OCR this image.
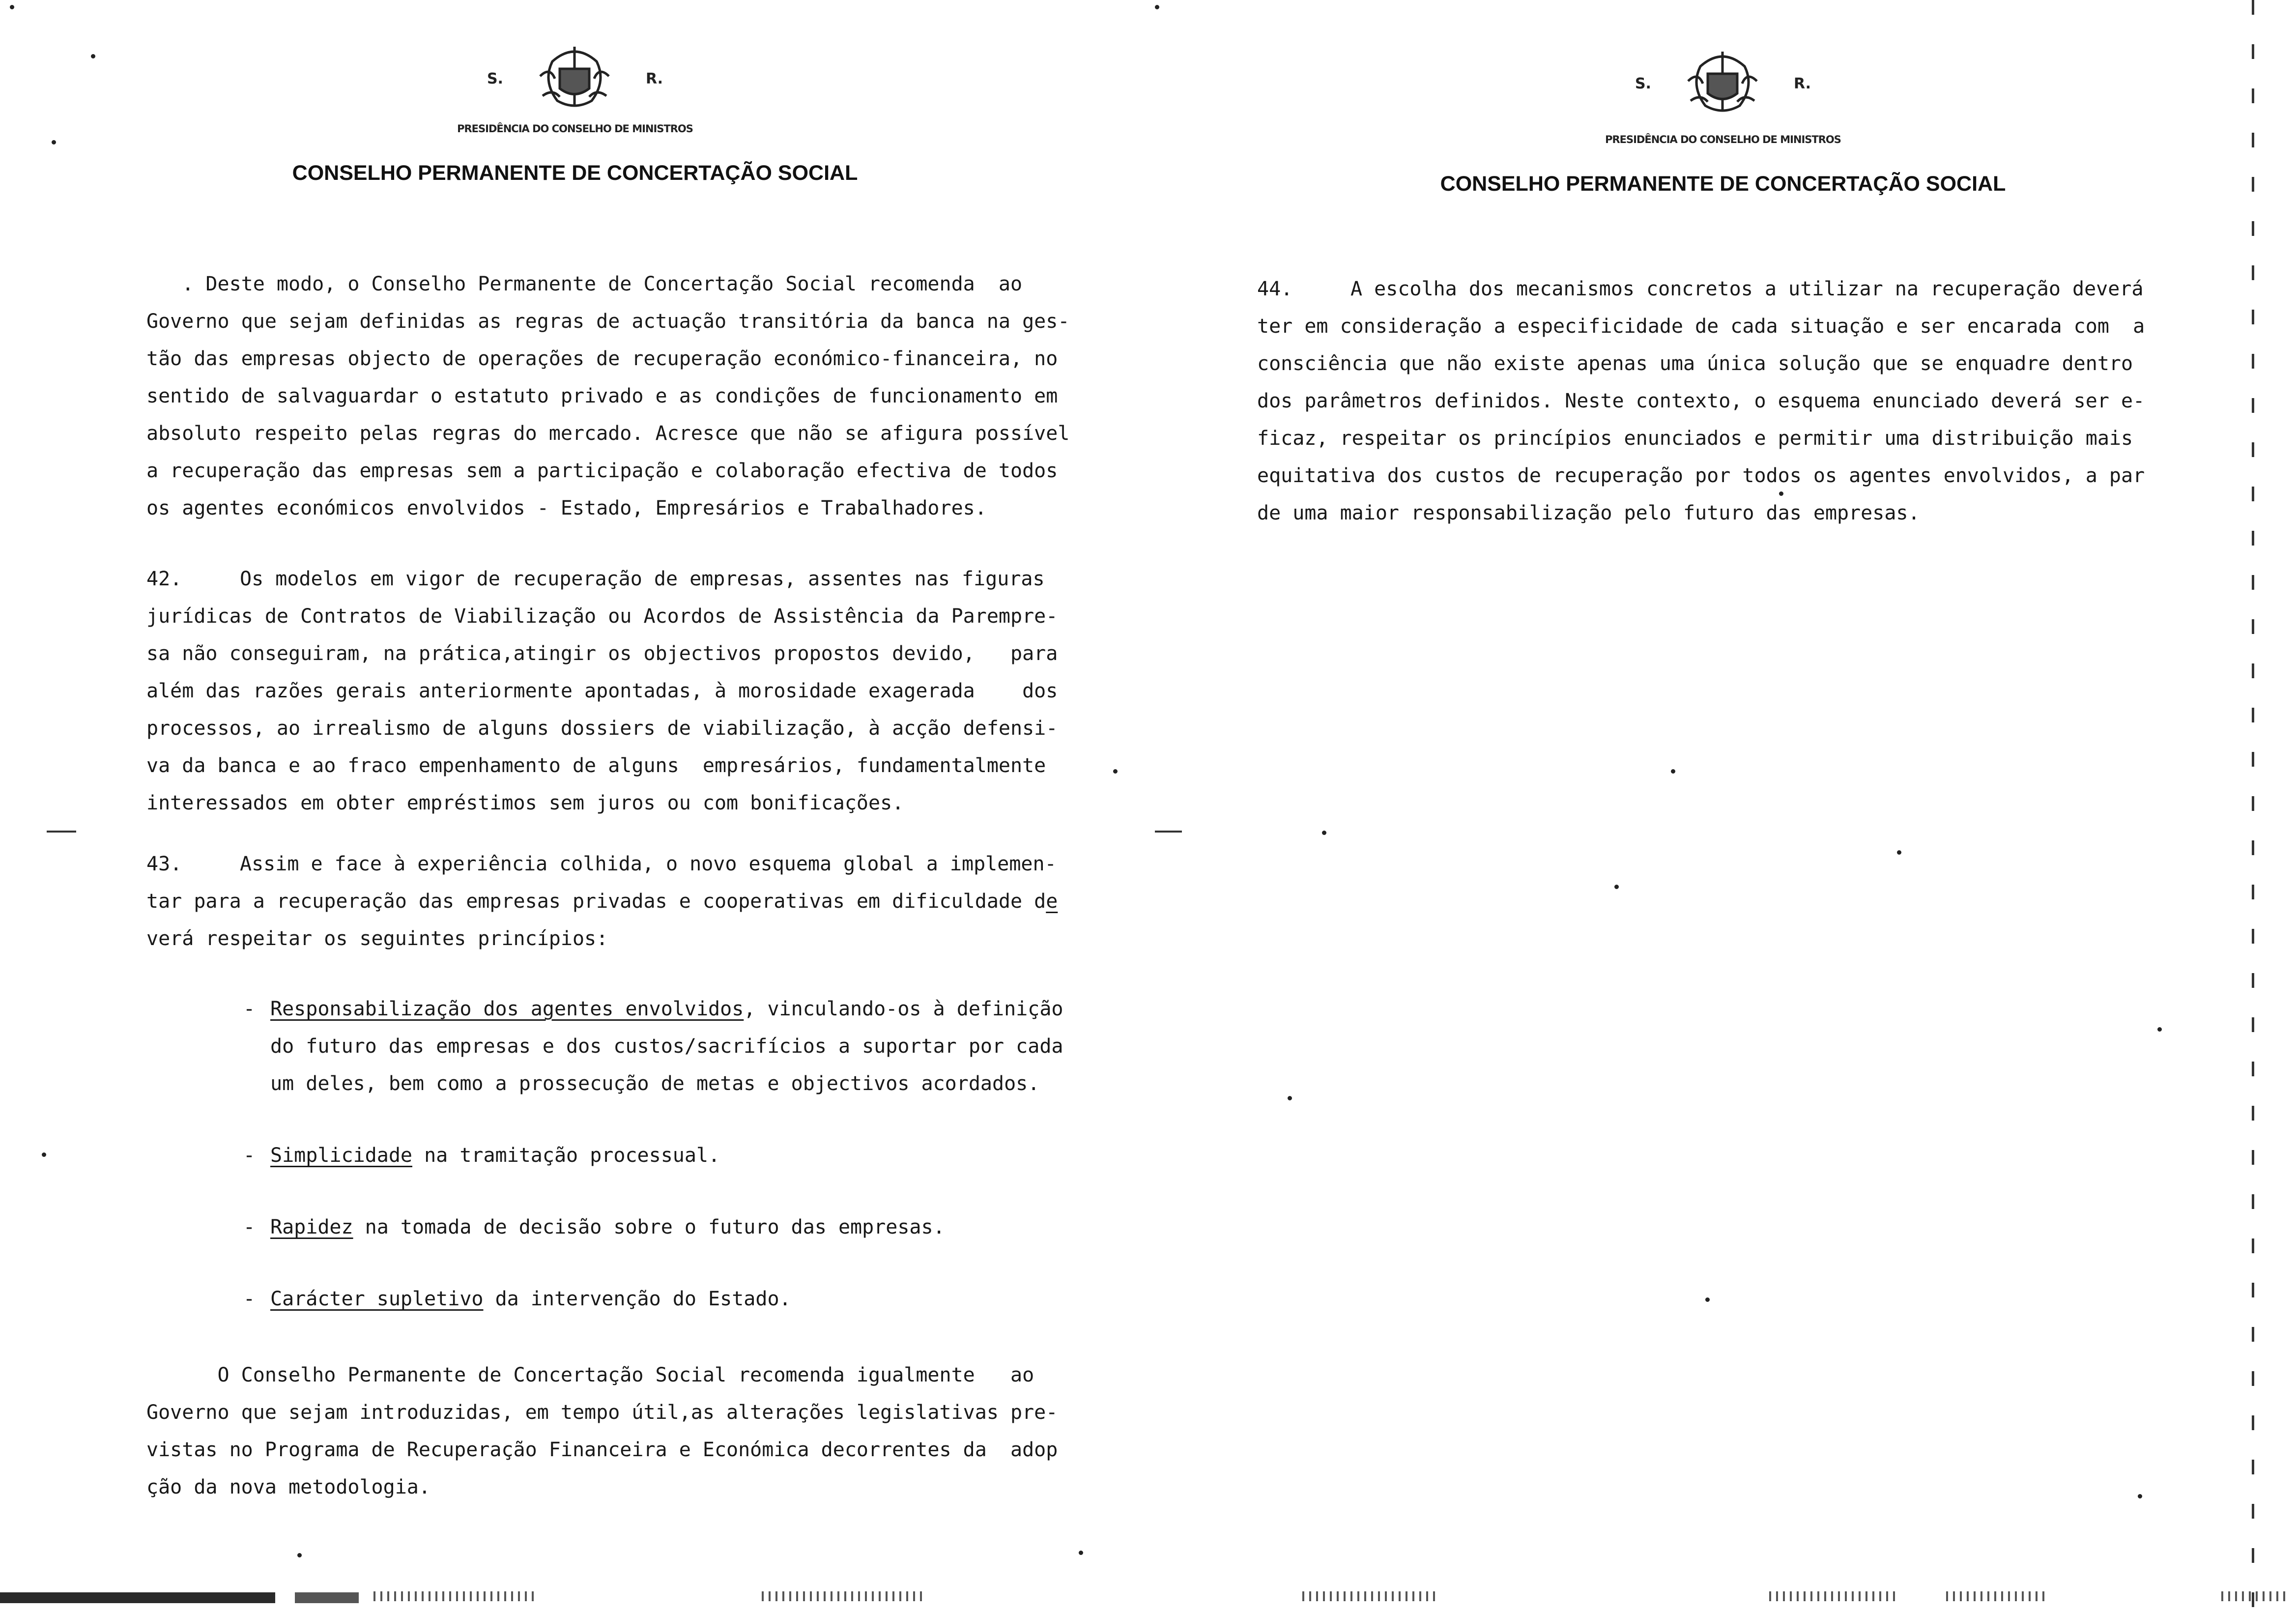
S.	R.
PRESIDÊNCIA DO CONSELHO DE MINISTROS
CONSELHO PERMANENTE DE CONCERTAÇÃO SOCIAL
. Deste modo, o Conselho Permanente de Concertação Social recomenda  ao
Governo que sejam definidas as regras de actuação transitória da banca na ges-
tão das empresas objecto de operações de recuperação económico-financeira, no
sentido de salvaguardar o estatuto privado e as condições de funcionamento em
absoluto respeito pelas regras do mercado. Acresce que não se afigura possível
a recuperação das empresas sem a participação e colaboração efectiva de todos
os agentes económicos envolvidos - Estado, Empresários e Trabalhadores.
42.	Os modelos em vigor de recuperação de empresas, assentes nas figuras
jurídicas de Contratos de Viabilização ou Acordos de Assistência da Parempre-
sa não conseguiram, na prática,atingir os objectivos propostos devido,   para
além das razões gerais anteriormente apontadas, à morosidade exagerada    dos
processos, ao irrealismo de alguns dossiers de viabilização, à acção defensi-
va da banca e ao fraco empenhamento de alguns  empresários, fundamentalmente
interessados em obter empréstimos sem juros ou com bonificações.
43.	Assim e face à experiência colhida, o novo esquema global a implemen-
tar para a recuperação das empresas privadas e cooperativas em dificuldade de
verá respeitar os seguintes princípios:
- Responsabilização dos agentes envolvidos, vinculando-os à definição
do futuro das empresas e dos custos/sacrifícios a suportar por cada
um deles, bem como a prossecução de metas e objectivos acordados.
- Simplicidade na tramitação processual.
- Rapidez na tomada de decisão sobre o futuro das empresas.
- Carácter supletivo da intervenção do Estado.
O Conselho Permanente de Concertação Social recomenda igualmente   ao
Governo que sejam introduzidas, em tempo útil,as alterações legislativas pre-
vistas no Programa de Recuperação Financeira e Económica decorrentes da  adop
ção da nova metodologia.
S.	R.
PRESIDÊNCIA DO CONSELHO DE MINISTROS
CONSELHO PERMANENTE DE CONCERTAÇÃO SOCIAL
44.	A escolha dos mecanismos concretos a utilizar na recuperação deverá
ter em consideração a especificidade de cada situação e ser encarada com  a
consciência que não existe apenas uma única solução que se enquadre dentro
dos parâmetros definidos. Neste contexto, o esquema enunciado deverá ser e-
ficaz, respeitar os princípios enunciados e permitir uma distribuição mais
equitativa dos custos de recuperação por todos os agentes envolvidos, a par
de uma maior responsabilização pelo futuro das empresas.
